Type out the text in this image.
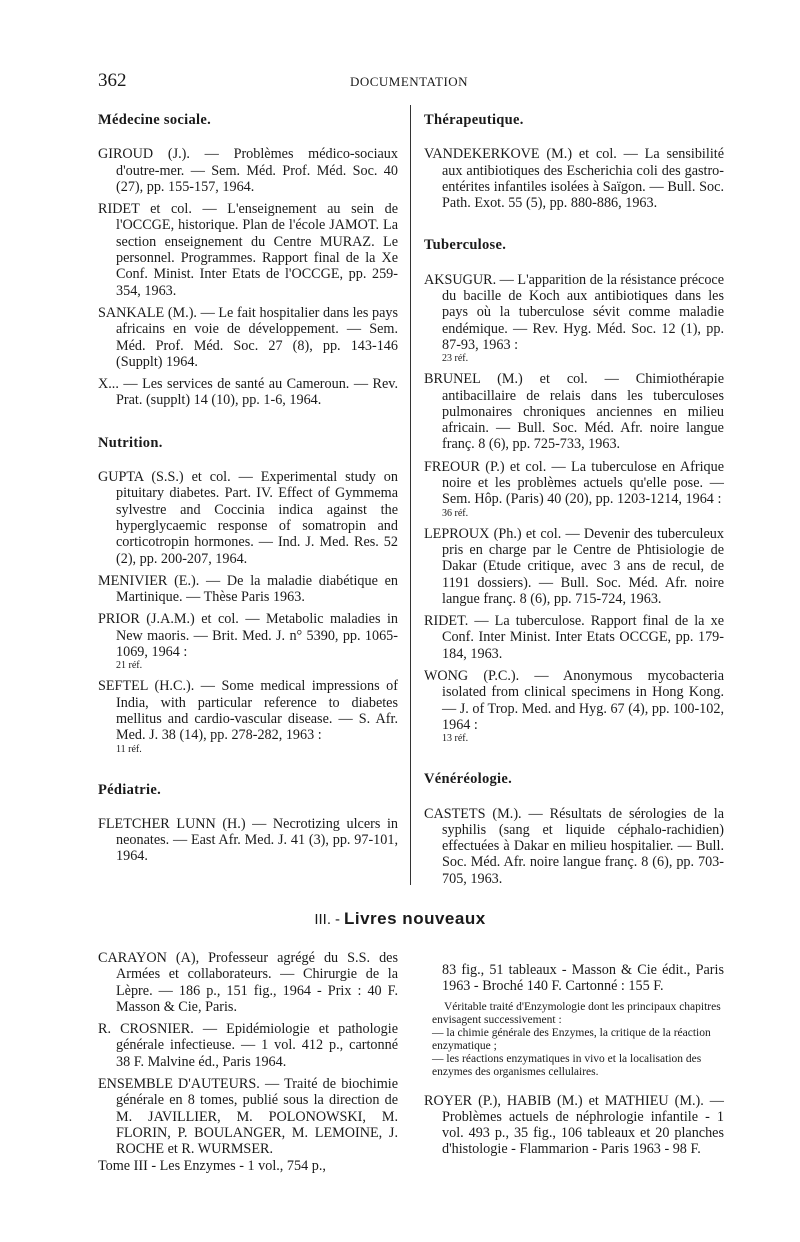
362	DOCUMENTATION
Médecine sociale.

GIROUD (J.). — Problèmes médico-sociaux d'outre-mer. — Sem. Méd. Prof. Méd. Soc. 40 (27), pp. 155-157, 1964.

RIDET et col. — L'enseignement au sein de l'OCCGE, historique. Plan de l'école JAMOT. La section enseignement du Centre MURAZ. Le personnel. Programmes. Rapport final de la Xe Conf. Minist. Inter Etats de l'OCCGE, pp. 259-354, 1963.

SANKALE (M.). — Le fait hospitalier dans les pays africains en voie de développement. — Sem. Méd. Prof. Méd. Soc. 27 (8), pp. 143-146 (Supplt) 1964.

X... — Les services de santé au Cameroun. — Rev. Prat. (supplt) 14 (10), pp. 1-6, 1964.

Nutrition.

GUPTA (S.S.) et col. — Experimental study on pituitary diabetes. Part. IV. Effect of Gymmema sylvestre and Coccinia indica against the hyperglycaemic response of somatropin and corticotropin hormones. — Ind. J. Med. Res. 52 (2), pp. 200-207, 1964.

MENIVIER (E.). — De la maladie diabétique en Martinique. — Thèse Paris 1963.

PRIOR (J.A.M.) et col. — Metabolic maladies in New maoris. — Brit. Med. J. n° 5390, pp. 1065-1069, 1964 :

21 réf.

SEFTEL (H.C.). — Some medical impressions of India, with particular reference to diabetes mellitus and cardio-vascular disease. — S. Afr. Med. J. 38 (14), pp. 278-282, 1963 :

11 réf.
Pédiatrie.

FLETCHER LUNN (H.) — Necrotizing ulcers in neonates. — East Afr. Med. J. 41 (3), pp. 97-101, 1964.

Thérapeutique.

VANDEKERKOVE (M.) et col. — La sensibilité aux antibiotiques des Escherichia coli des gastro-entérites infantiles isolées à Saïgon. — Bull. Soc. Path. Exot. 55 (5), pp. 880-886, 1963.

Tuberculose.

AKSUGUR. — L'apparition de la résistance précoce du bacille de Koch aux antibiotiques dans les pays où la tuberculose sévit comme maladie endémique. — Rev. Hyg. Méd. Soc. 12 (1), pp. 87-93, 1963 :

23 réf.

BRUNEL (M.) et col. — Chimiothérapie antibacillaire de relais dans les tuberculoses pulmonaires chroniques anciennes en milieu africain. — Bull. Soc. Méd. Afr. noire langue franç. 8 (6), pp. 725-733, 1963.

FREOUR (P.) et col. — La tuberculose en Afrique noire et les problèmes actuels qu'elle pose. — Sem. Hôp. (Paris) 40 (20), pp. 1203-1214, 1964 :

36 réf.

LEPROUX (Ph.) et col. — Devenir des tuberculeux pris en charge par le Centre de Phtisiologie de Dakar (Etude critique, avec 3 ans de recul, de 1191 dossiers). — Bull. Soc. Méd. Afr. noire langue franç. 8 (6), pp. 715-724, 1963.

RIDET. — La tuberculose. Rapport final de la xe Conf. Inter Minist. Inter Etats OCCGE, pp. 179-184, 1963.

WONG (P.C.). — Anonymous mycobacteria isolated from clinical specimens in Hong Kong. — J. of Trop. Med. and Hyg. 67 (4), pp. 100-102, 1964 :

13 réf.
Vénéréologie.

CASTETS (M.). — Résultats de sérologies de la syphilis (sang et liquide céphalo-rachidien) effectuées à Dakar en milieu hospitalier. — Bull. Soc. Méd. Afr. noire langue franç. 8 (6), pp. 703-705, 1963.

III. - Livres nouveaux

CARAYON (A), Professeur agrégé du S.S. des Armées et collaborateurs. — Chirurgie de la Lèpre. — 186 p., 151 fig., 1964 - Prix : 40 F. Masson & Cie, Paris.

R. CROSNIER. — Epidémiologie et pathologie générale infectieuse. — 1 vol. 412 p., cartonné 38 F. Malvine éd., Paris 1964.

ENSEMBLE D'AUTEURS. — Traité de biochimie générale en 8 tomes, publié sous la direction de M. JAVILLIER, M. POLONOWSKI, M. FLORIN, P. BOULANGER, M. LEMOINE, J. ROCHE et R. WURMSER.

Tome III - Les Enzymes - 1 vol., 754 p.,

83 fig., 51 tableaux - Masson & Cie édit., Paris 1963 - Broché 140 F. Cartonné : 155 F.

Véritable traité d'Enzymologie dont les principaux chapitres envisagent successivement :

— la chimie générale des Enzymes, la critique de la réaction enzymatique ;

— les réactions enzymatiques in vivo et la localisation des enzymes des organismes cellulaires.

ROYER (P.), HABIB (M.) et MATHIEU (M.). — Problèmes actuels de néphrologie infantile - 1 vol. 493 p., 35 fig., 106 tableaux et 20 planches d'histologie - Flammarion - Paris 1963 - 98 F.
